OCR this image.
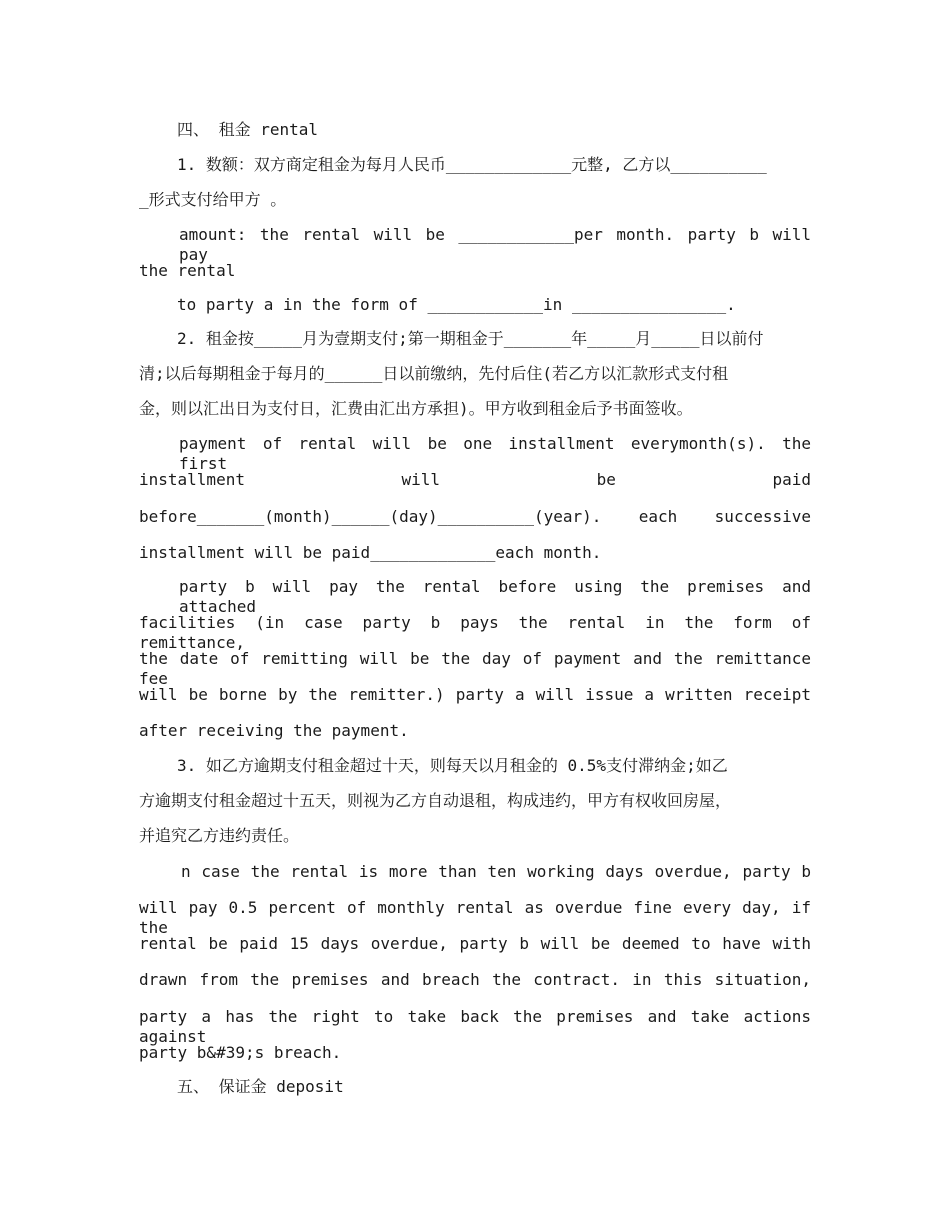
四、 租金 rental
1. 数额：双方商定租金为每月人民币_____________元整, 乙方以__________
_形式支付给甲方 。
amount: the rental will be ____________per month. party b will pay
the rental
to party a in the form of ____________in ________________.
2. 租金按_____月为壹期支付;第一期租金于_______年_____月_____日以前付
清;以后每期租金于每月的______日以前缴纳，先付后住(若乙方以汇款形式支付租
金，则以汇出日为支付日，汇费由汇出方承担)。甲方收到租金后予书面签收。
payment of rental will be one installment everymonth(s). the first
installment will be paid
before_______(month)______(day)__________(year). each successive
installment will be paid_____________each month.
party b will pay the rental before using the premises and attached
facilities (in case party b pays the rental in the form of remittance,
the date of remitting will be the day of payment and the remittance fee
will be borne by the remitter.) party a will issue a written receipt
after receiving the payment.
3. 如乙方逾期支付租金超过十天，则每天以月租金的 0.5%支付滞纳金;如乙
方逾期支付租金超过十五天，则视为乙方自动退租，构成违约，甲方有权收回房屋，
并追究乙方违约责任。
n case the rental is more than ten working days overdue, party b
will pay 0.5 percent of monthly rental as overdue fine every day, if the
rental be paid 15 days overdue, party b will be deemed to have with
drawn from the premises and breach the contract. in this situation,
party a has the right to take back the premises and take actions against
party b&#39;s breach.
五、 保证金 deposit
